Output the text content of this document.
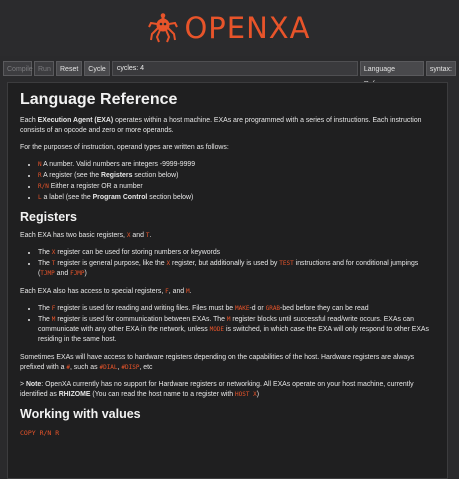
OPENXA
Compile Run	Reset	Cycle	cycles: 4	Language	syntax:
Language Reference

Each EXecution Agent (EXA) operates within a host machine. EXAs are programmed with a series of instructions. Each instruction consists of an opcode and zero or more operands.

For the purposes of instruction, operand types are written as follows:

• N A number. Valid numbers are integers -9999-9999
• R A register (see the Registers section below)
• R/N Either a register OR a number
• L a label (see the Program Control section below)
Registers

Each EXA has two basic registers, X and T.

• The X register can be used for storing numbers or keywords
• The T register is general purpose, like the X register, but additionally is used by TEST instructions and for conditional jumpings (TJMP and FJMP)

Each EXA also has access to special registers, F, and M.

• The F register is used for reading and writing files. Files must be MAKE-d or GRAB-bed before they can be read
• The M register is used for communication between EXAs. The M register blocks until successful read/write occurs. EXAs can communicate with any other EXA in the network, unless MODE is switched, in which case the EXA will only respond to other EXAs residing in the same host.

Sometimes EXAs will have access to hardware registers depending on the capabilities of the host. Hardware registers are always prefixed with a #, such as #DIAL, #DISP, etc

> Note: OpenXA currently has no support for Hardware registers or networking. All EXAs operate on your host machine, currently identified as RHIZOME (You can read the host name to a register with HOST X)

Working with values
COPY R/N R
